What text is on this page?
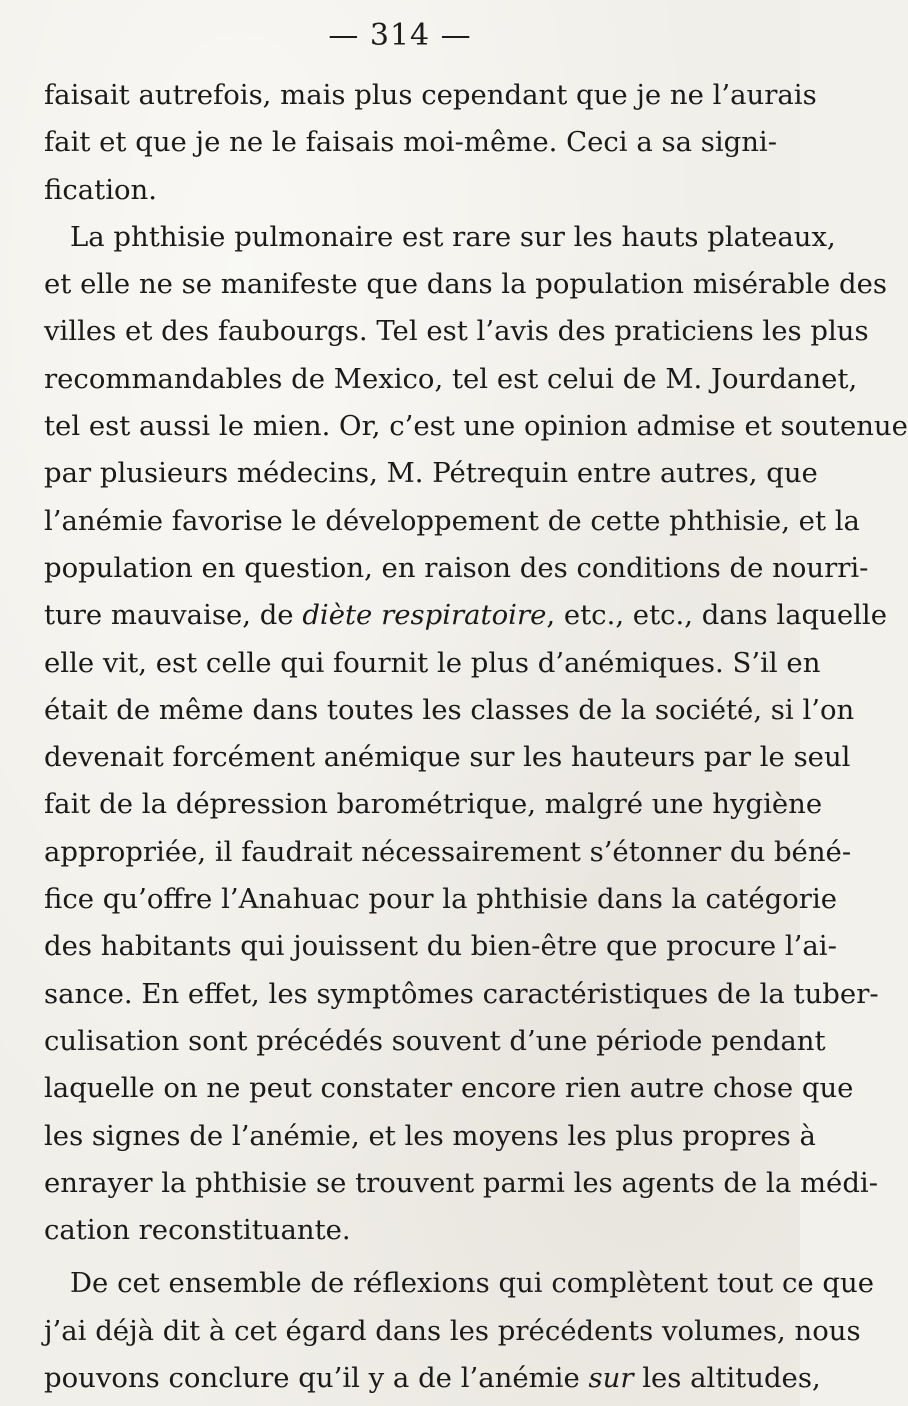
— 314 —
faisait autrefois, mais plus cependant que je ne l’aurais
fait et que je ne le faisais moi-même. Ceci a sa signi-
fication.
La phthisie pulmonaire est rare sur les hauts plateaux,
et elle ne se manifeste que dans la population misérable des
villes et des faubourgs. Tel est l’avis des praticiens les plus
recommandables de Mexico, tel est celui de M. Jourdanet,
tel est aussi le mien. Or, c’est une opinion admise et soutenue
par plusieurs médecins, M. Pétrequin entre autres, que
l’anémie favorise le développement de cette phthisie, et la
population en question, en raison des conditions de nourri-
ture mauvaise, de diète respiratoire, etc., etc., dans laquelle
elle vit, est celle qui fournit le plus d’anémiques. S’il en
était de même dans toutes les classes de la société, si l’on
devenait forcément anémique sur les hauteurs par le seul
fait de la dépression barométrique, malgré une hygiène
appropriée, il faudrait nécessairement s’étonner du béné-
fice qu’offre l’Anahuac pour la phthisie dans la catégorie
des habitants qui jouissent du bien-être que procure l’ai-
sance. En effet, les symptômes caractéristiques de la tuber-
culisation sont précédés souvent d’une période pendant
laquelle on ne peut constater encore rien autre chose que
les signes de l’anémie, et les moyens les plus propres à
enrayer la phthisie se trouvent parmi les agents de la médi-
cation reconstituante.
De cet ensemble de réflexions qui complètent tout ce que
j’ai déjà dit à cet égard dans les précédents volumes, nous
pouvons conclure qu’il y a de l’anémie sur les altitudes,
